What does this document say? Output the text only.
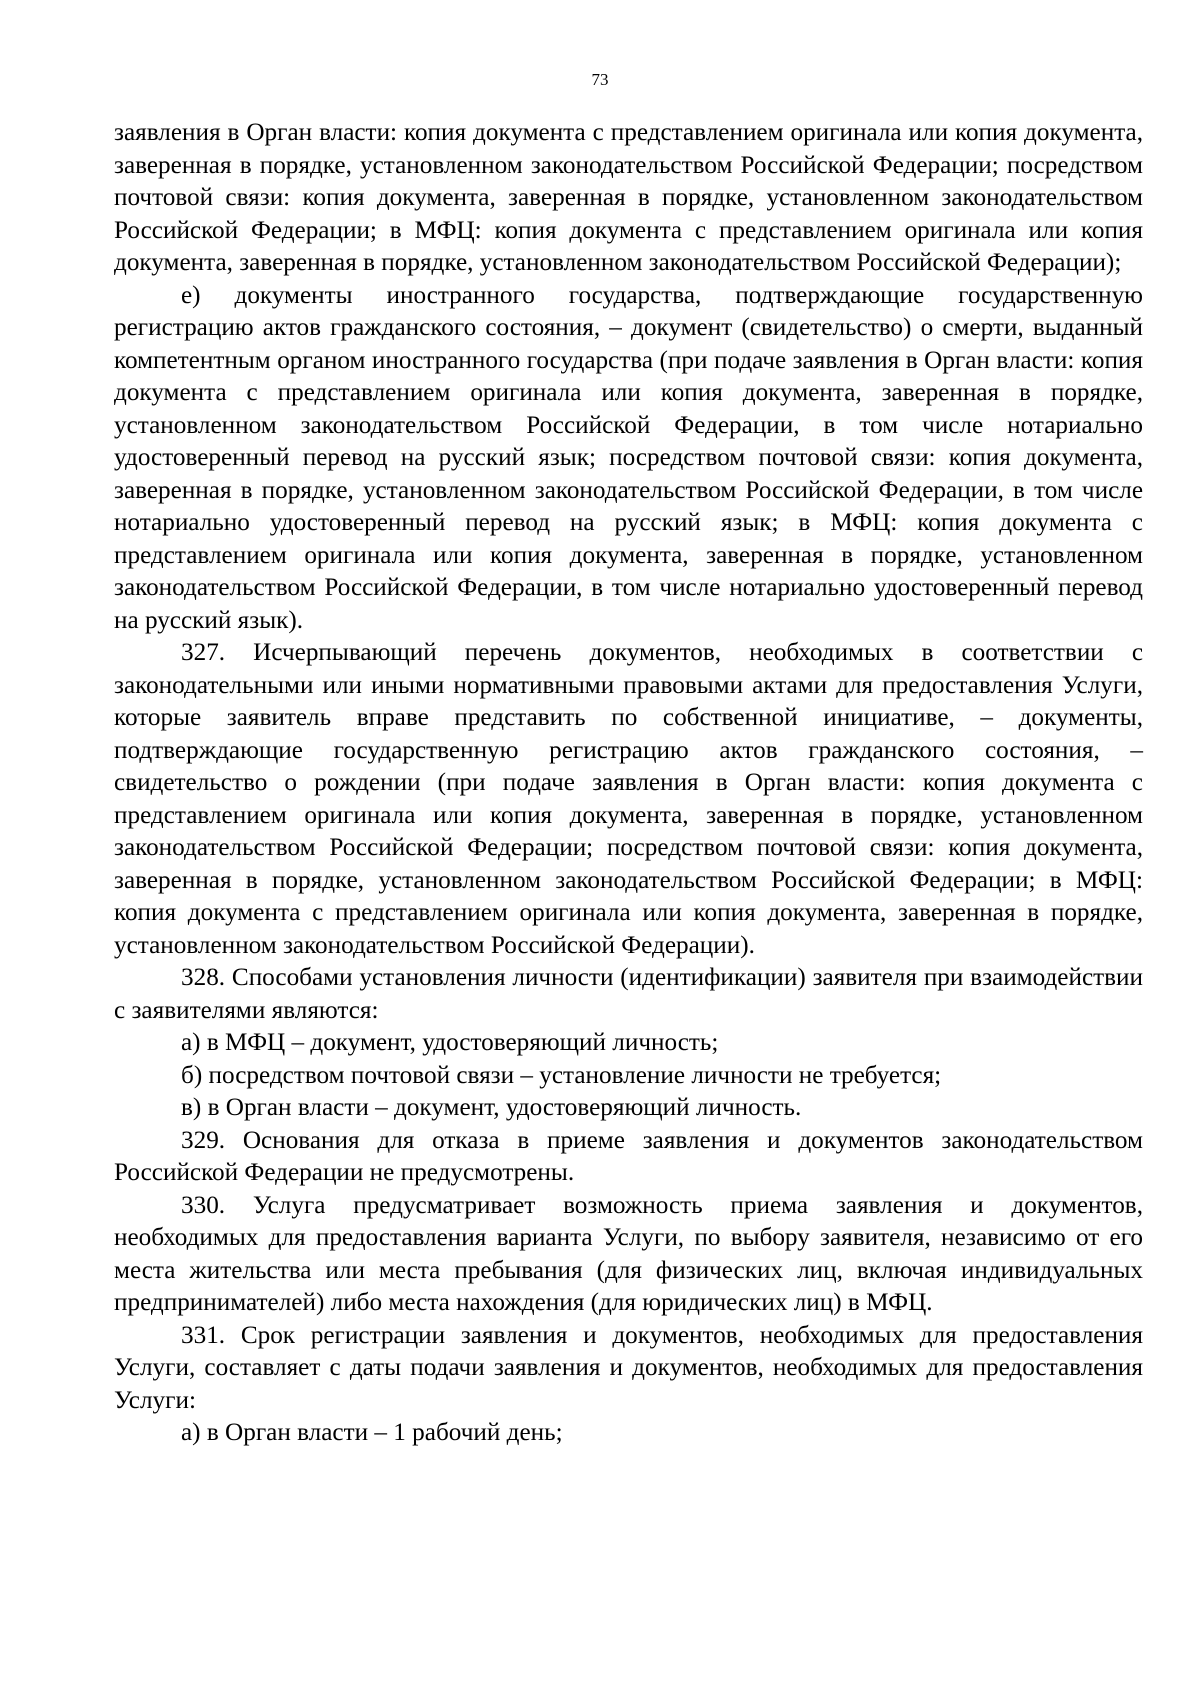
73

заявления в Орган власти: копия документа с представлением оригинала или копия документа, заверенная в порядке, установленном законодательством Российской Федерации; посредством почтовой связи: копия документа, заверенная в порядке, установленном законодательством Российской Федерации; в МФЦ: копия документа с представлением оригинала или копия документа, заверенная в порядке, установленном законодательством Российской Федерации);

е) документы иностранного государства, подтверждающие государственную регистрацию актов гражданского состояния, – документ (свидетельство) о смерти, выданный компетентным органом иностранного государства (при подаче заявления в Орган власти: копия документа с представлением оригинала или копия документа, заверенная в порядке, установленном законодательством Российской Федерации, в том числе нотариально удостоверенный перевод на русский язык; посредством почтовой связи: копия документа, заверенная в порядке, установленном законодательством Российской Федерации, в том числе нотариально удостоверенный перевод на русский язык; в МФЦ: копия документа с представлением оригинала или копия документа, заверенная в порядке, установленном законодательством Российской Федерации, в том числе нотариально удостоверенный перевод на русский язык).

327. Исчерпывающий перечень документов, необходимых в соответствии с законодательными или иными нормативными правовыми актами для предоставления Услуги, которые заявитель вправе представить по собственной инициативе, – документы, подтверждающие государственную регистрацию актов гражданского состояния, – свидетельство о рождении (при подаче заявления в Орган власти: копия документа с представлением оригинала или копия документа, заверенная в порядке, установленном законодательством Российской Федерации; посредством почтовой связи: копия документа, заверенная в порядке, установленном законодательством Российской Федерации; в МФЦ: копия документа с представлением оригинала или копия документа, заверенная в порядке, установленном законодательством Российской Федерации).

328. Способами установления личности (идентификации) заявителя при взаимодействии с заявителями являются:

а) в МФЦ – документ, удостоверяющий личность;

б) посредством почтовой связи – установление личности не требуется;

в) в Орган власти – документ, удостоверяющий личность.

329. Основания для отказа в приеме заявления и документов законодательством Российской Федерации не предусмотрены.

330. Услуга предусматривает возможность приема заявления и документов, необходимых для предоставления варианта Услуги, по выбору заявителя, независимо от его места жительства или места пребывания (для физических лиц, включая индивидуальных предпринимателей) либо места нахождения (для юридических лиц) в МФЦ.

331. Срок регистрации заявления и документов, необходимых для предоставления Услуги, составляет с даты подачи заявления и документов, необходимых для предоставления Услуги:

а) в Орган власти – 1 рабочий день;
